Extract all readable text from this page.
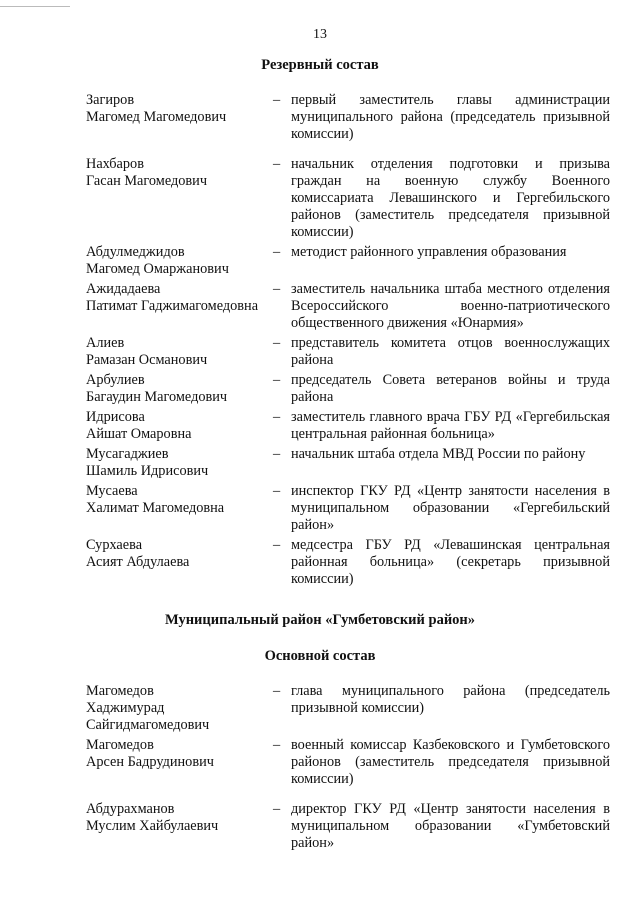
13
Резервный состав
Загиров
Магомед Магомедович
– первый заместитель главы администрации муниципального района (председатель призывной комиссии)
Нахбаров
Гасан Магомедович
– начальник отделения подготовки и призыва граждан на военную службу Военного комиссариата Левашинского и Гергебильского районов (заместитель председателя призывной комиссии)
Абдулмеджидов
Магомед Омаржанович
– методист районного управления образования
Ажидадаева
Патимат Гаджимагомедовна
– заместитель начальника штаба местного отделения Всероссийского военно-патриотического общественного движения «Юнармия»
Алиев
Рамазан Османович
– представитель комитета отцов военнослужащих района
Арбулиев
Багаудин Магомедович
– председатель Совета ветеранов войны и труда района
Идрисова
Айшат Омаровна
– заместитель главного врача ГБУ РД «Гергебильская центральная районная больница»
Мусагаджиев
Шамиль Идрисович
– начальник штаба отдела МВД России по району
Мусаева
Халимат Магомедовна
– инспектор ГКУ РД «Центр занятости населения в муниципальном образовании «Гергебильский район»
Сурхаева
Асият Абдулаева
– медсестра ГБУ РД «Левашинская центральная районная больница» (секретарь призывной комиссии)
Муниципальный район «Гумбетовский район»
Основной состав
Магомедов
Хаджимурад
Сайгидмагомедович
– глава муниципального района (председатель призывной комиссии)
Магомедов
Арсен Бадрудинович
– военный комиссар Казбековского и Гумбетовского районов (заместитель председателя призывной комиссии)
Абдурахманов
Муслим Хайбулаевич
– директор ГКУ РД «Центр занятости населения в муниципальном образовании «Гумбетовский район»
